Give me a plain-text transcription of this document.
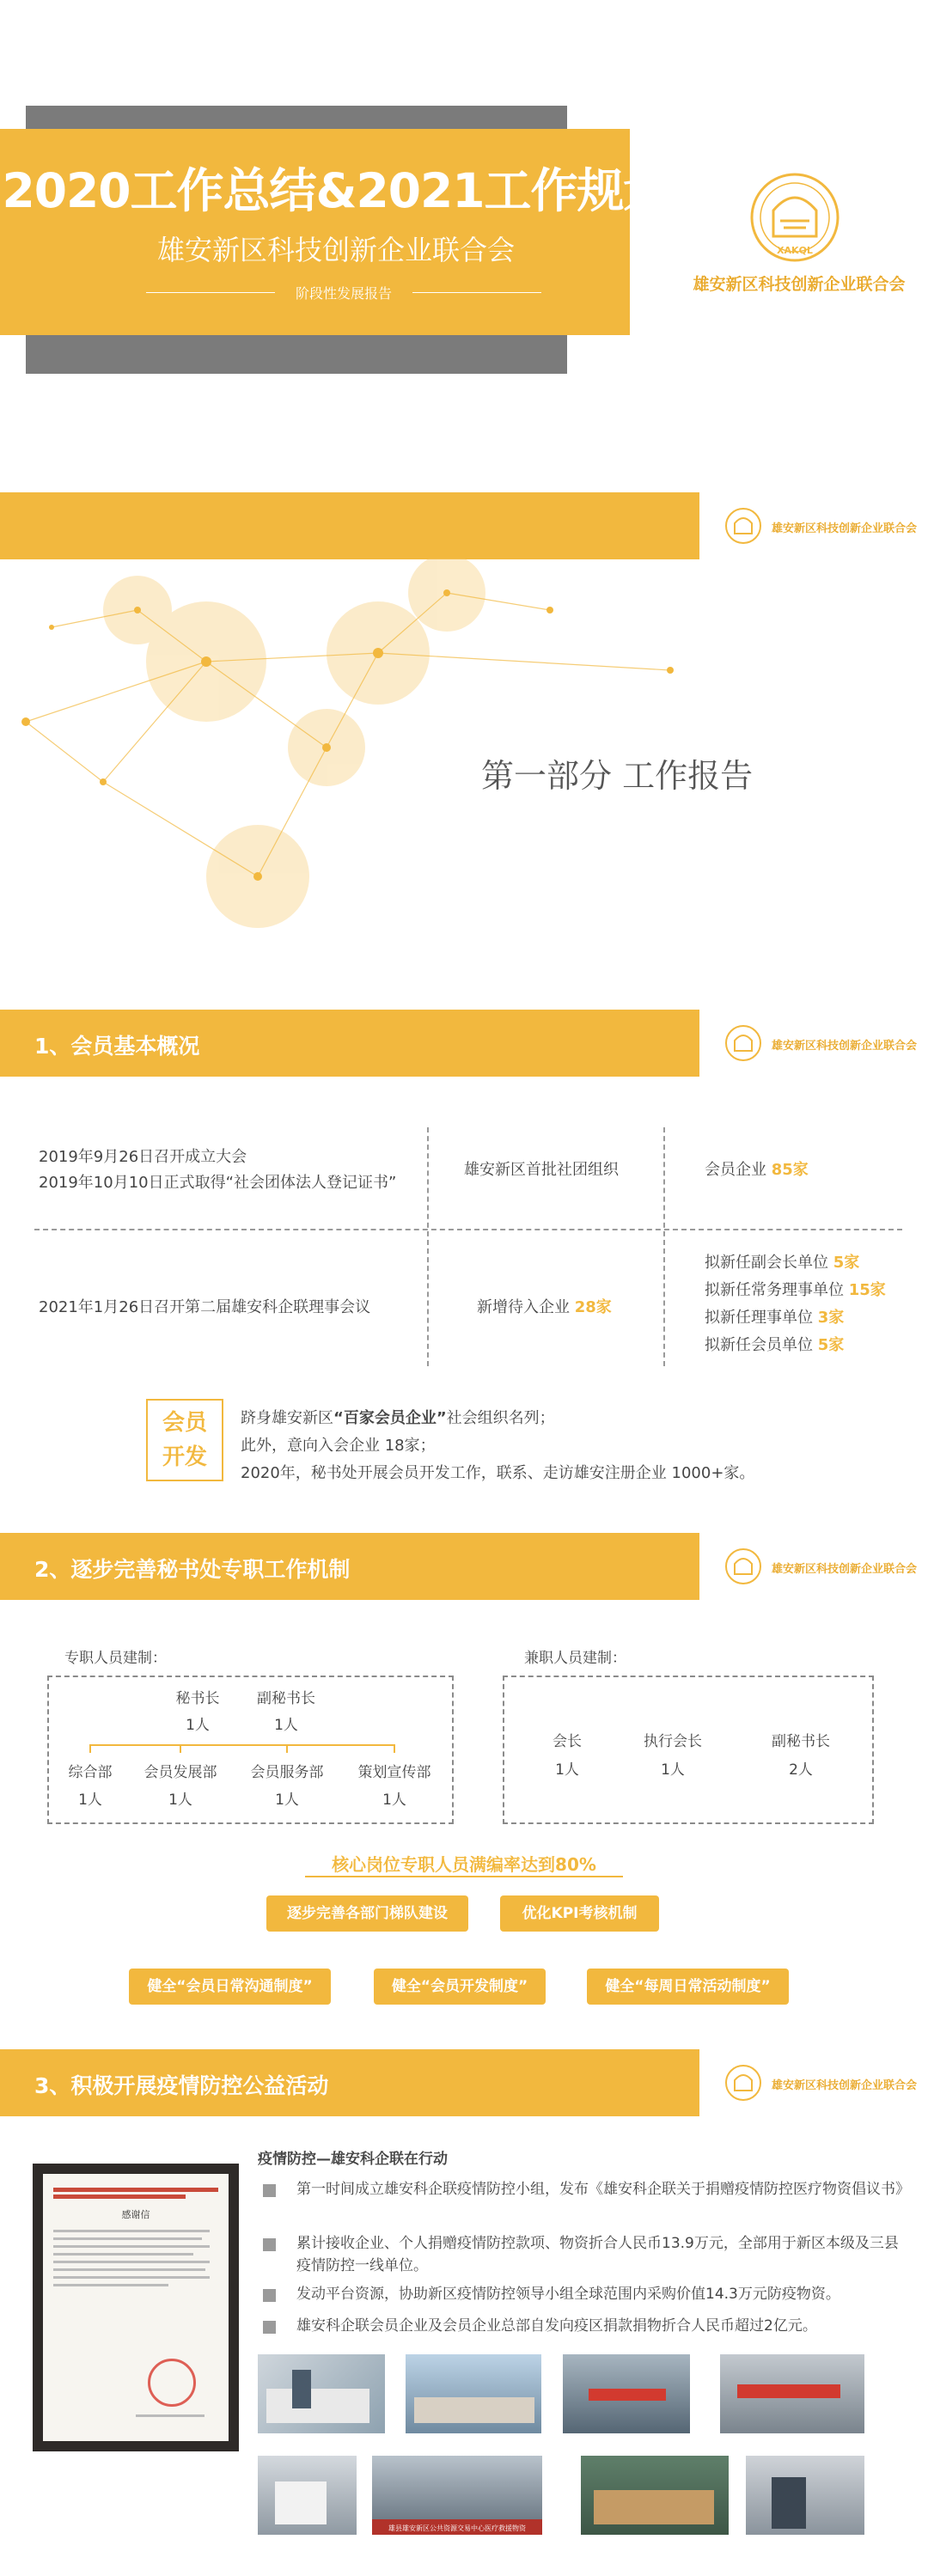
2020工作总结&2021工作规划
雄安新区科技创新企业联合会
阶段性发展报告
XAKQL
雄安新区科技创新企业联合会
雄安新区科技创新企业联合会
第一部分 工作报告
1、会员基本概况	雄安新区科技创新企业联合会
2019年9月26日召开成立大会
2019年10月10日正式取得“社会团体法人登记证书”
雄安新区首批社团组织	会员企业 85家
2021年1月26日召开第二届雄安科企联理事会议	新增待入企业 28家
拟新任副会长单位 5家
拟新任常务理事单位 15家
拟新任理事单位 3家
拟新任会员单位 5家
会员
开发
跻身雄安新区“百家会员企业”社会组织名列；
此外，意向入会企业 18家；
2020年，秘书处开展会员开发工作，联系、走访雄安注册企业 1000+家。
2、逐步完善秘书处专职工作机制	雄安新区科技创新企业联合会
专职人员建制：	兼职人员建制：
秘书长
1人
副秘书长
1人
综合部
1人
会员发展部
1人
会员服务部
1人
策划宣传部
1人
会长
1人
执行会长
1人
副秘书长
2人
核心岗位专职人员满编率达到80%
逐步完善各部门梯队建设	优化KPI考核机制
健全“会员日常沟通制度”	健全“会员开发制度”	健全“每周日常活动制度”
3、积极开展疫情防控公益活动	雄安新区科技创新企业联合会
感谢信
疫情防控—雄安科企联在行动
第一时间成立雄安科企联疫情防控小组，发布《雄安科企联关于捐赠疫情防控医疗物资倡议书》
累计接收企业、个人捐赠疫情防控款项、物资折合人民币13.9万元，全部用于新区本级及三县疫情防控一线单位。
发动平台资源，协助新区疫情防控领导小组全球范围内采购价值14.3万元防疫物资。
雄安科企联会员企业及会员企业总部自发向疫区捐款捐物折合人民币超过2亿元。
雄县雄安新区公共资源交易中心医疗救援物资
